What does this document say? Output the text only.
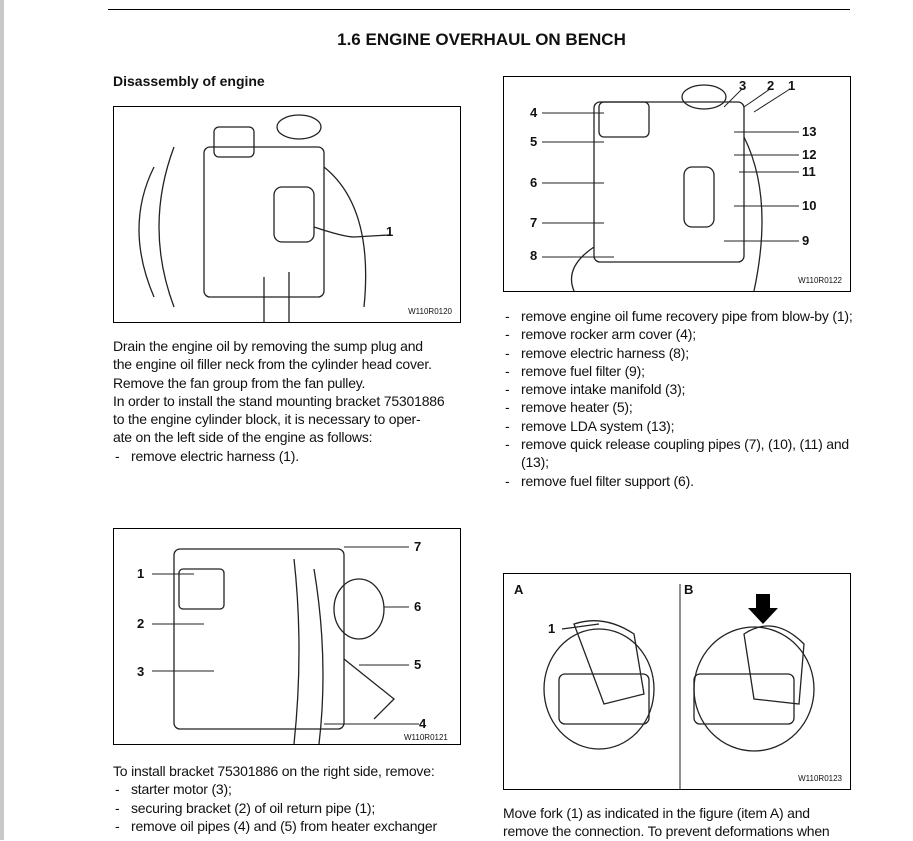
1.6 ENGINE OVERHAUL ON BENCH
Disassembly of engine
1
W110R0120
4
5
6
7
8
3 2 1
13
12
11
10
9
W110R0122

Drain the engine oil by removing the sump plug and

the engine oil filler neck from the cylinder head cover.

Remove the fan group from the fan pulley.

In order to install the stand mounting bracket 75301886

to the engine cylinder block, it is necessary to oper-

ate on the left side of the engine as follows:

- remove electric harness (1).

- remove engine oil fume recovery pipe from blow-by (1);

- remove rocker arm cover (4);

- remove electric harness (8);

- remove fuel filter (9);

- remove intake manifold (3);

- remove heater (5);

- remove LDA system (13);

- remove quick release coupling pipes (7), (10), (11) and (13);

- remove fuel filter support (6).

1
2
3
7
6
5
4
W110R0121
A	B
1
W110R0123

To install bracket 75301886 on the right side, remove:

- starter motor (3);

- securing bracket (2) of oil return pipe (1);

- remove oil pipes (4) and (5) from heater exchanger

Move fork (1) as indicated in the figure (item A) and

remove the connection. To prevent deformations when
